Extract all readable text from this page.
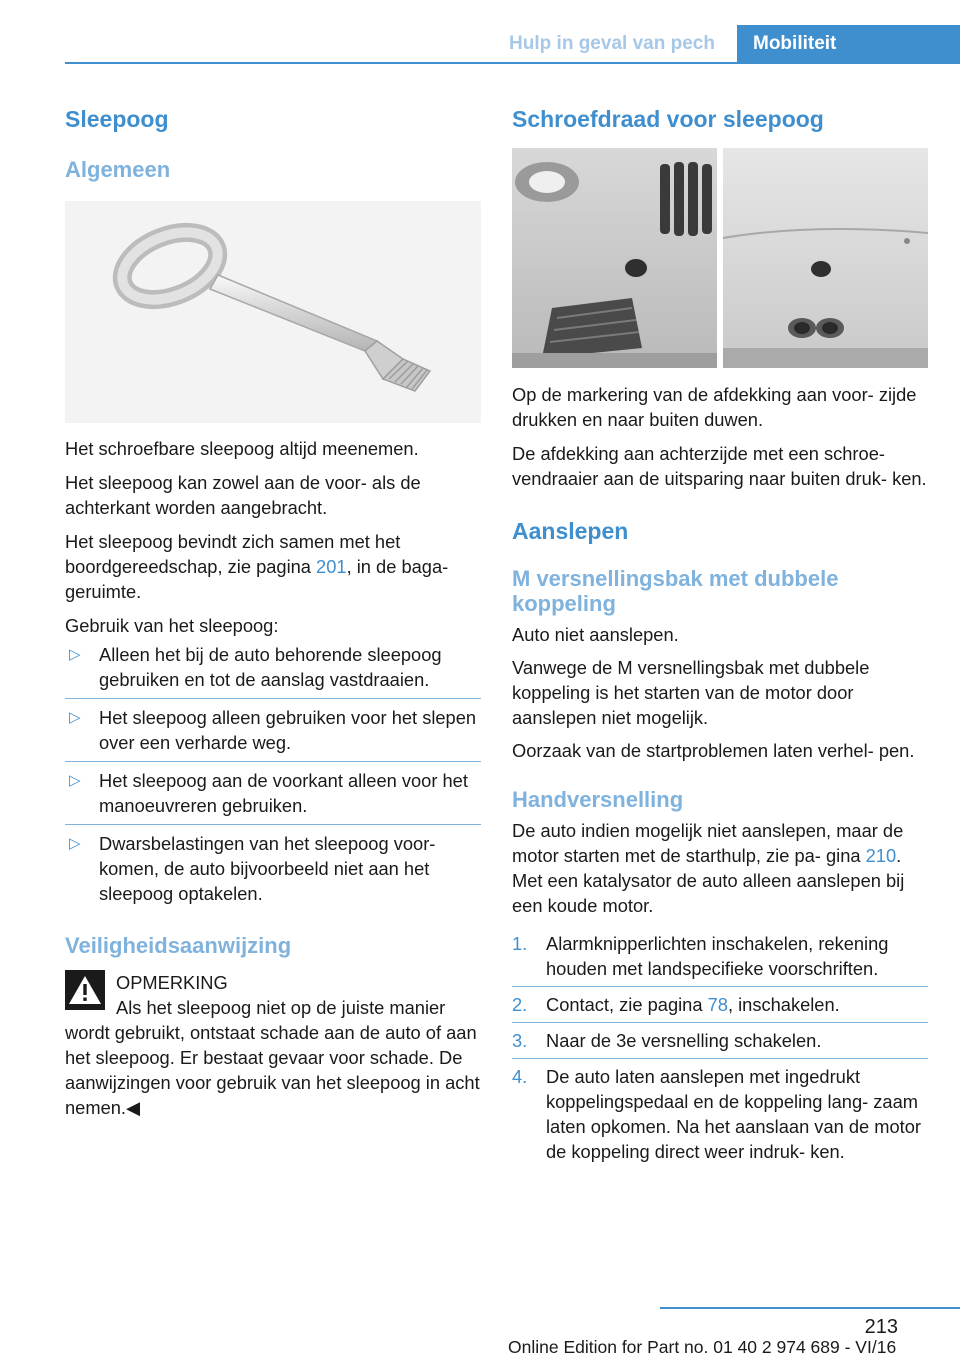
Hulp in geval van pech	Mobiliteit
Sleepoog
Algemeen

Het schroefbare sleepoog altijd meenemen.

Het sleepoog kan zowel aan de voor- als de achterkant worden aangebracht.

Het sleepoog bevindt zich samen met het boordgereedschap, zie pagina 201, in de baga‐ geruimte.

Gebruik van het sleepoog:

▷ Alleen het bij de auto behorende sleepoog gebruiken en tot de aanslag vastdraaien.
▷ Het sleepoog alleen gebruiken voor het slepen over een verharde weg.
▷ Het sleepoog aan de voorkant alleen voor het manoeuvreren gebruiken.
▷ Dwarsbelastingen van het sleepoog voor‐ komen, de auto bijvoorbeeld niet aan het sleepoog optakelen.
Veiligheidsaanwijzing

OPMERKING

Als het sleepoog niet op de juiste manier wordt gebruikt, ontstaat schade aan de auto of aan het sleepoog. Er bestaat gevaar voor schade. De aanwijzingen voor gebruik van het sleepoog in acht nemen.◀

Schroefdraad voor sleepoog

Op de markering van de afdekking aan voor‐ zijde drukken en naar buiten duwen.

De afdekking aan achterzijde met een schroe‐ vendraaier aan de uitsparing naar buiten druk‐ ken.

Aanslepen
M versnellingsbak met dubbele koppeling

Auto niet aanslepen.

Vanwege de M versnellingsbak met dubbele koppeling is het starten van de motor door aanslepen niet mogelijk.

Oorzaak van de startproblemen laten verhel‐ pen.

Handversnelling

De auto indien mogelijk niet aanslepen, maar de motor starten met de starthulp, zie pa‐ gina 210. Met een katalysator de auto alleen aanslepen bij een koude motor.

1. Alarmknipperlichten inschakelen, rekening houden met landspecifieke voorschriften.
2. Contact, zie pagina 78, inschakelen.
3. Naar de 3e versnelling schakelen.
4. De auto laten aanslepen met ingedrukt koppelingspedaal en de koppeling lang‐ zaam laten opkomen. Na het aanslaan van de motor de koppeling direct weer indruk‐ ken.
213
Online Edition for Part no. 01 40 2 974 689 - VI/16
